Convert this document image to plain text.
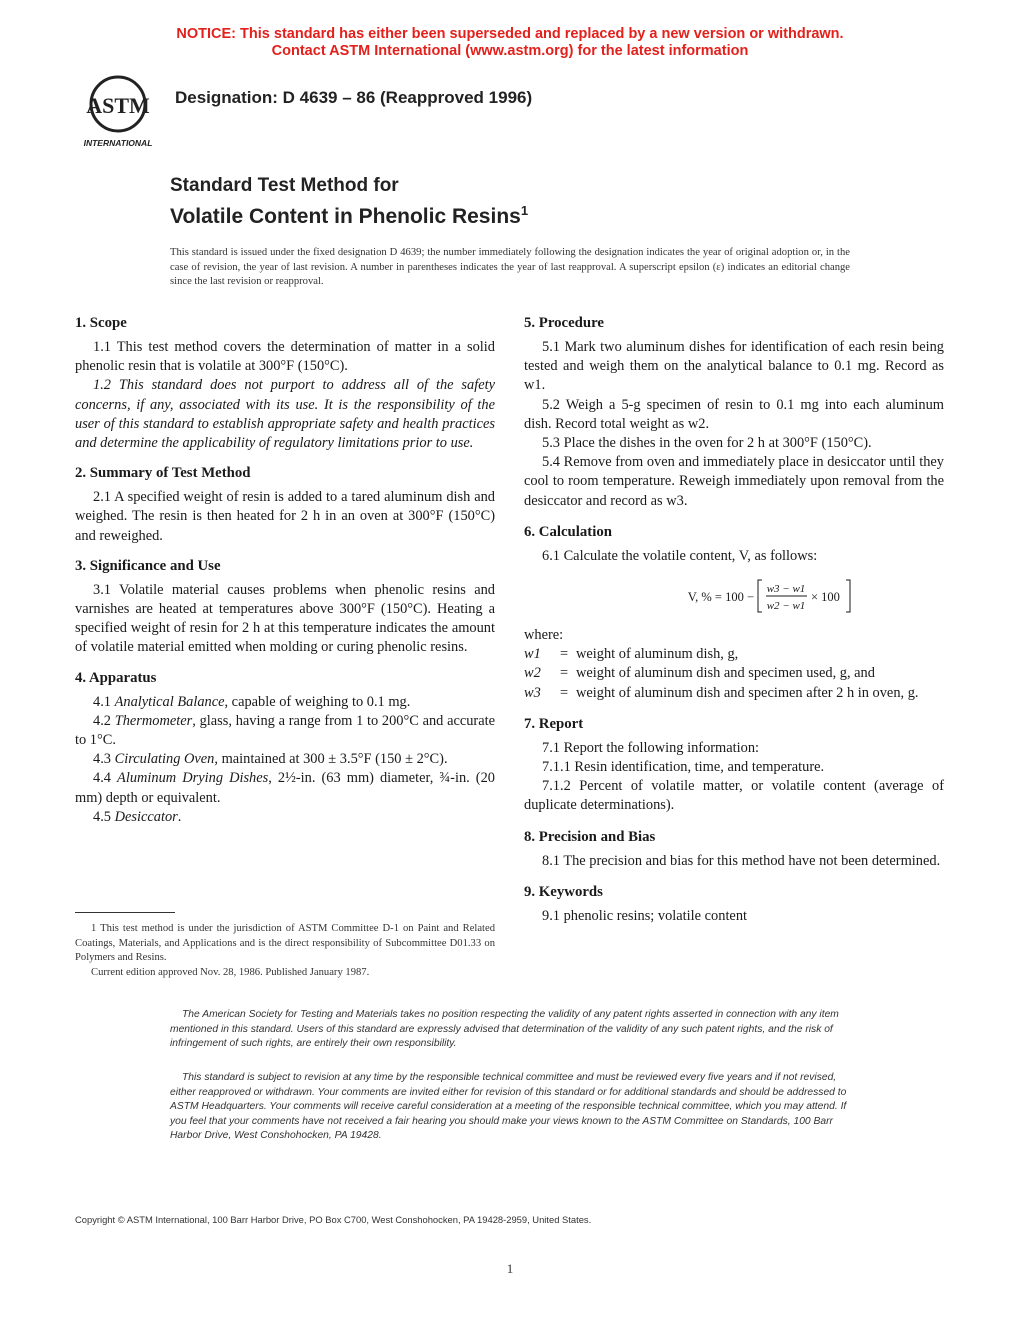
NOTICE: This standard has either been superseded and replaced by a new version or withdrawn.
Contact ASTM International (www.astm.org) for the latest information
ASTM
INTERNATIONAL
Designation: D 4639 – 86 (Reapproved 1996)
Standard Test Method for
Volatile Content in Phenolic Resins$^1$
This standard is issued under the fixed designation D 4639; the number immediately following the designation indicates the year of original adoption or, in the case of revision, the year of last revision. A number in parentheses indicates the year of last reapproval. A superscript epsilon (ε) indicates an editorial change since the last revision or reapproval.
1. Scope

1.1 This test method covers the determination of matter in a solid phenolic resin that is volatile at 300°F (150°C).

1.2 This standard does not purport to address all of the safety concerns, if any, associated with its use. It is the responsibility of the user of this standard to establish appropriate safety and health practices and determine the applicability of regulatory limitations prior to use.

2. Summary of Test Method

2.1 A specified weight of resin is added to a tared aluminum dish and weighed. The resin is then heated for 2 h in an oven at 300°F (150°C) and reweighed.

3. Significance and Use

3.1 Volatile material causes problems when phenolic resins and varnishes are heated at temperatures above 300°F (150°C). Heating a specified weight of resin for 2 h at this temperature indicates the amount of volatile material emitted when molding or curing phenolic resins.

4. Apparatus

4.1 Analytical Balance, capable of weighing to 0.1 mg.

4.2 Thermometer, glass, having a range from 1 to 200°C and accurate to 1°C.

4.3 Circulating Oven, maintained at 300 ± 3.5°F (150 ± 2°C).

4.4 Aluminum Drying Dishes, 2½-in. (63 mm) diameter, ¾-in. (20 mm) depth or equivalent.

4.5 Desiccator.

1 This test method is under the jurisdiction of ASTM Committee D-1 on Paint and Related Coatings, Materials, and Applications and is the direct responsibility of Subcommittee D01.33 on Polymers and Resins.

Current edition approved Nov. 28, 1986. Published January 1987.

5. Procedure

5.1 Mark two aluminum dishes for identification of each resin being tested and weigh them on the analytical balance to 0.1 mg. Record as w1.

5.2 Weigh a 5-g specimen of resin to 0.1 mg into each aluminum dish. Record total weight as w2.

5.3 Place the dishes in the oven for 2 h at 300°F (150°C).

5.4 Remove from oven and immediately place in desiccator until they cool to room temperature. Reweigh immediately upon removal from the desiccator and record as w3.

6. Calculation

6.1 Calculate the volatile content, V, as follows:

V, % = 100 −
w3 − w1
w2 − w1
× 100
where:
w1	= weight of aluminum dish, g,
w2	= weight of aluminum dish and specimen used, g, and
w3	= weight of aluminum dish and specimen after 2 h in oven, g.
7. Report

7.1 Report the following information:

7.1.1 Resin identification, time, and temperature.

7.1.2 Percent of volatile matter, or volatile content (average of duplicate determinations).

8. Precision and Bias

8.1 The precision and bias for this method have not been determined.

9. Keywords

9.1 phenolic resins; volatile content

The American Society for Testing and Materials takes no position respecting the validity of any patent rights asserted in connection with any item mentioned in this standard. Users of this standard are expressly advised that determination of the validity of any such patent rights, and the risk of infringement of such rights, are entirely their own responsibility.
This standard is subject to revision at any time by the responsible technical committee and must be reviewed every five years and if not revised, either reapproved or withdrawn. Your comments are invited either for revision of this standard or for additional standards and should be addressed to ASTM Headquarters. Your comments will receive careful consideration at a meeting of the responsible technical committee, which you may attend. If you feel that your comments have not received a fair hearing you should make your views known to the ASTM Committee on Standards, 100 Barr Harbor Drive, West Conshohocken, PA 19428.
Copyright © ASTM International, 100 Barr Harbor Drive, PO Box C700, West Conshohocken, PA 19428-2959, United States.
1
